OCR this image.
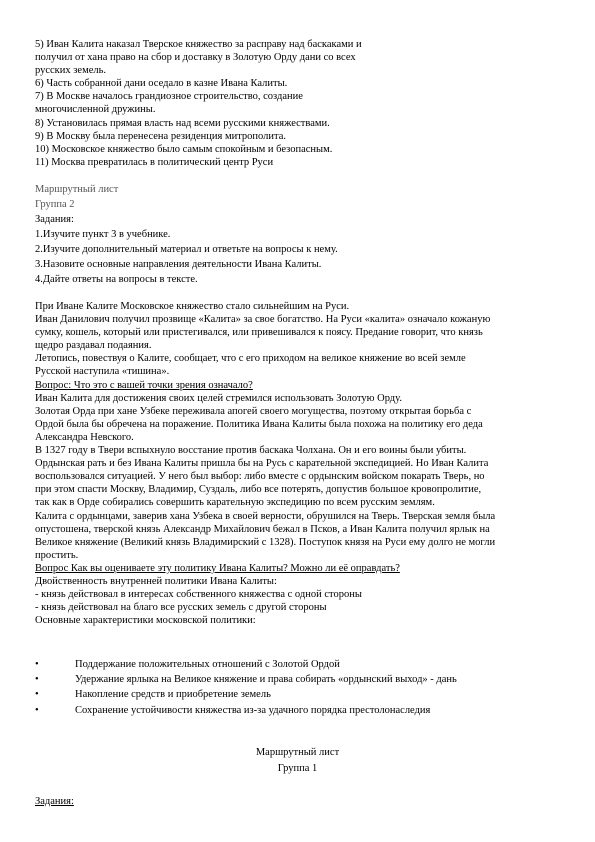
5) Иван Калита наказал Тверское княжество за расправу над баскаками и
получил от хана право на сбор и доставку в Золотую Орду дани со всех
русских земель.
6) Часть собранной дани оседало в казне Ивана Калиты.
7) В Москве началось грандиозное строительство, создание
многочисленной дружины.
8) Установилась прямая власть над всеми русскими княжествами.
9) В Москву была перенесена резиденция митрополита.
10) Московское княжество было самым спокойным и безопасным.
11) Москва превратилась в политический центр Руси
Маршрутный лист
Группа 2
Задания:
1.Изучите пункт 3 в учебнике.
2.Изучите дополнительный материал и ответьте на вопросы к нему.
3.Назовите основные направления деятельности Ивана Калиты.
4.Дайте ответы на вопросы в тексте.
При Иване Калите Московское княжество стало сильнейшим на Руси.
Иван Данилович получил прозвище «Калита» за свое богатство. На Руси «калита» означало кожаную
сумку, кошель, который или пристегивался, или привешивался к поясу. Предание говорит, что князь
щедро раздавал подаяния.
Летопись, повествуя о Калите, сообщает, что с его приходом на великое княжение во всей земле
Русской наступила «тишина».
Вопрос: Что это с вашей точки зрения означало?
Иван Калита для достижения своих целей стремился использовать Золотую Орду.
Золотая Орда при хане Узбеке переживала апогей своего могущества, поэтому открытая борьба с
Ордой была бы обречена на поражение. Политика Ивана Калиты была похожа на политику его деда
Александра Невского.
В 1327 году в Твери вспыхнуло восстание против баскака Чолхана. Он и его воины были убиты.
Ордынская рать и без Ивана Калиты пришла бы на Русь с карательной экспедицией. Но Иван Калита
воспользовался ситуацией. У него был выбор: либо вместе с ордынским войском покарать Тверь, но
при этом спасти Москву, Владимир, Суздаль, либо все потерять, допустив большое кровопролитие,
так как в Орде собирались совершить карательную экспедицию по всем русским землям.
Калита с ордынцами, заверив хана Узбека в своей верности, обрушился на Тверь. Тверская земля была
опустошена, тверской князь Александр Михайлович бежал в Псков, а Иван Калита получил ярлык на
Великое княжение (Великий князь Владимирский с 1328). Поступок князя на Руси ему долго не могли
простить.
Вопрос Как вы оцениваете эту политику Ивана Калиты? Можно ли её оправдать?
Двойственность внутренней политики Ивана Калиты:
- князь действовал в интересах собственного княжества с одной стороны
- князь действовал на благо все русских земель с другой стороны
Основные характеристики московской политики:
•	Поддержание положительных отношений с Золотой Ордой
•	Удержание ярлыка на Великое княжение и права собирать «ордынский выход» - дань
•	Накопление средств и приобретение земель
•	Сохранение устойчивости княжества из-за удачного порядка престолонаследия
Маршрутный лист
Группа 1
Задания:
